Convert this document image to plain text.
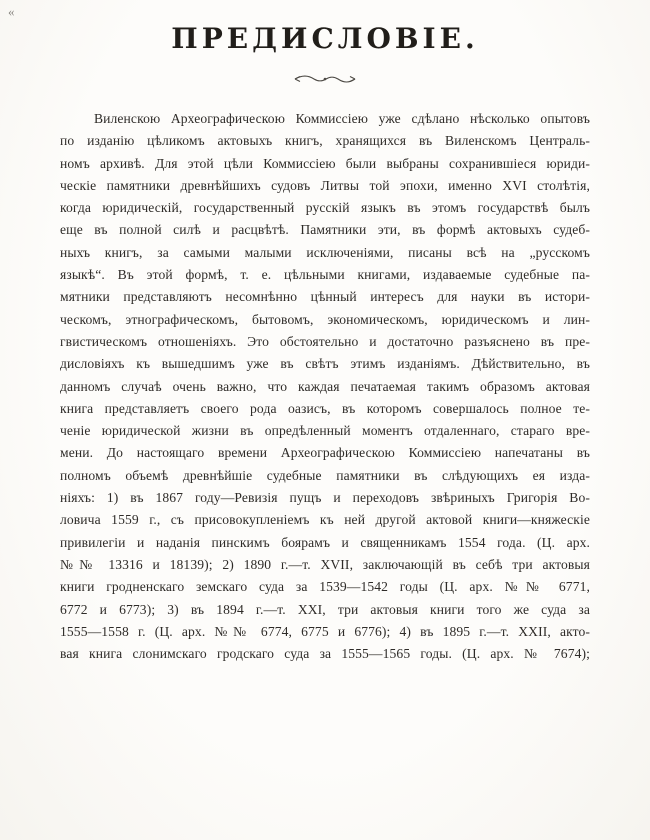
«
ПРЕДИСЛОВІЕ.
Виленскою Археографическою Коммиссіею уже сдѣлано нѣсколько опытовъ
по изданію цѣликомъ актовыхъ книгъ, хранящихся въ Виленскомъ Централь-
номъ архивѣ. Для этой цѣли Коммиссіею были выбраны сохранившіеся юриди-
ческіе памятники древнѣйшихъ судовъ Литвы той эпохи, именно XVI столѣтія,
когда юридическій, государственный русскій языкъ въ этомъ государствѣ былъ
еще въ полной силѣ и расцвѣтѣ. Памятники эти, въ формѣ актовыхъ судеб-
ныхъ книгъ, за самыми малыми исключеніями, писаны всѣ на „русскомъ
языкѣ“. Въ этой формѣ, т. е. цѣльными книгами, издаваемые судебные па-
мятники представляютъ несомнѣнно цѣнный интересъ для науки въ истори-
ческомъ, этнографическомъ, бытовомъ, экономическомъ, юридическомъ и лин-
гвистическомъ отношеніяхъ. Это обстоятельно и достаточно разъяснено въ пре-
дисловіяхъ къ вышедшимъ уже въ свѣтъ этимъ изданіямъ. Дѣйствительно, въ
данномъ случаѣ очень важно, что каждая печатаемая такимъ образомъ актовая
книга представляетъ своего рода оазисъ, въ которомъ совершалось полное те-
ченіе юридической жизни въ опредѣленный моментъ отдаленнаго, стараго вре-
мени. До настоящаго времени Археографическою Коммиссіею напечатаны въ
полномъ объемѣ древнѣйшіе судебные памятники въ слѣдующихъ ея изда-
ніяхъ: 1) въ 1867 году—Ревизія пущъ и переходовъ звѣриныхъ Григорія Во-
ловича 1559 г., съ присовокупленіемъ къ ней другой актовой книги—княжескіе
привилегіи и наданія пинскимъ боярамъ и священникамъ 1554 года. (Ц. арх.
№№ 13316 и 18139); 2) 1890 г.—т. XVII, заключающій въ себѣ три актовыя
книги гродненскаго земскаго суда за 1539—1542 годы (Ц. арх. №№ 6771,
6772 и 6773); 3) въ 1894 г.—т. XXI, три актовыя книги того же суда за
1555—1558 г. (Ц. арх. №№ 6774, 6775 и 6776); 4) въ 1895 г.—т. XXII, акто-
вая книга слонимскаго гродскаго суда за 1555—1565 годы. (Ц. арх. № 7674);
